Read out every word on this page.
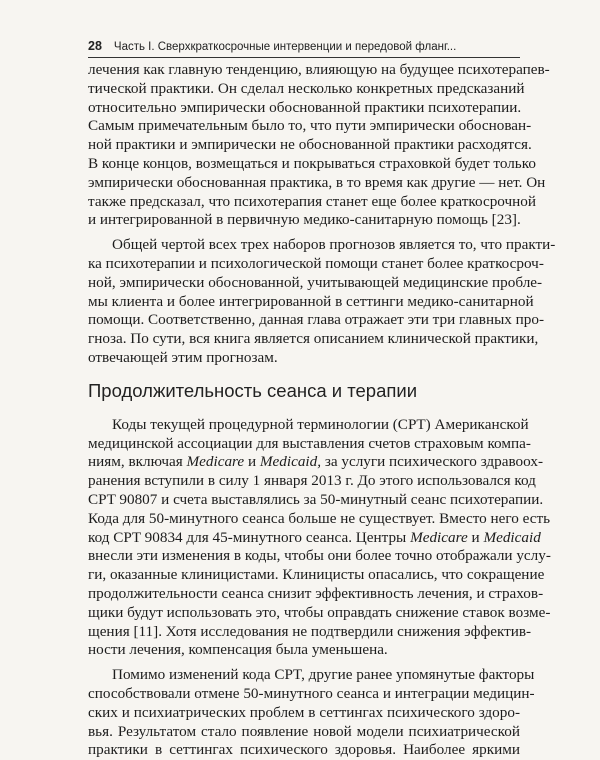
28 Часть I. Сверхкраткосрочные интервенции и передовой фланг...
лечения как главную тенденцию, влияющую на будущее психотерапев-
тической практики. Он сделал несколько конкретных предсказаний
относительно эмпирически обоснованной практики психотерапии.
Самым примечательным было то, что пути эмпирически обоснован-
ной практики и эмпирически не обоснованной практики расходятся.
В конце концов, возмещаться и покрываться страховкой будет только
эмпирически обоснованная практика, в то время как другие — нет. Он
также предсказал, что психотерапия станет еще более краткосрочной
и интегрированной в первичную медико-санитарную помощь [23].
Общей чертой всех трех наборов прогнозов является то, что практи-
ка психотерапии и психологической помощи станет более краткосроч-
ной, эмпирически обоснованной, учитывающей медицинские пробле-
мы клиента и более интегрированной в сеттинги медико-санитарной
помощи. Соответственно, данная глава отражает эти три главных про-
гноза. По сути, вся книга является описанием клинической практики,
отвечающей этим прогнозам.
Продолжительность сеанса и терапии
Коды текущей процедурной терминологии (CPT) Американской
медицинской ассоциации для выставления счетов страховым компа-
ниям, включая Medicare и Medicaid, за услуги психического здравоох-
ранения вступили в силу 1 января 2013 г. До этого использовался код
CPT 90807 и счета выставлялись за 50-минутный сеанс психотерапии.
Кода для 50-минутного сеанса больше не существует. Вместо него есть
код CPT 90834 для 45-минутного сеанса. Центры Medicare и Medicaid
внесли эти изменения в коды, чтобы они более точно отображали услу-
ги, оказанные клиницистами. Клиницисты опасались, что сокращение
продолжительности сеанса снизит эффективность лечения, и страхов-
щики будут использовать это, чтобы оправдать снижение ставок возме-
щения [11]. Хотя исследования не подтвердили снижения эффектив-
ности лечения, компенсация была уменьшена.
Помимо изменений кода CPT, другие ранее упомянутые факторы
способствовали отмене 50-минутного сеанса и интеграции медицин-
ских и психиатрических проблем в сеттингах психического здоро-
вья. Результатом стало появление новой модели психиатрической
практики в сеттингах психического здоровья. Наиболее яркими
